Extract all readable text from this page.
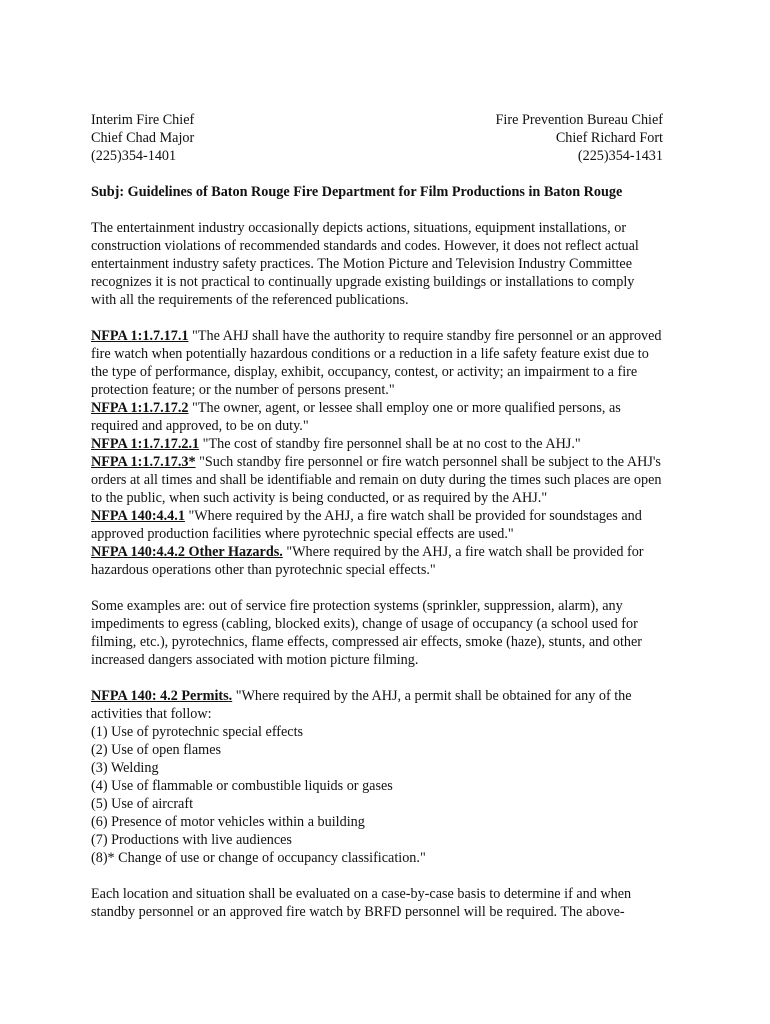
Interim Fire Chief
Chief Chad Major
(225)354-1401
Fire Prevention Bureau Chief
Chief Richard Fort
(225)354-1431
Subj: Guidelines of Baton Rouge Fire Department for Film Productions in Baton Rouge

The entertainment industry occasionally depicts actions, situations, equipment installations, or construction violations of recommended standards and codes. However, it does not reflect actual entertainment industry safety practices. The Motion Picture and Television Industry Committee recognizes it is not practical to continually upgrade existing buildings or installations to comply with all the requirements of the referenced publications.

NFPA 1:1.7.17.1 "The AHJ shall have the authority to require standby fire personnel or an approved fire watch when potentially hazardous conditions or a reduction in a life safety feature exist due to the type of performance, display, exhibit, occupancy, contest, or activity; an impairment to a fire protection feature; or the number of persons present."
NFPA 1:1.7.17.2 "The owner, agent, or lessee shall employ one or more qualified persons, as required and approved, to be on duty."
NFPA 1:1.7.17.2.1 "The cost of standby fire personnel shall be at no cost to the AHJ."
NFPA 1:1.7.17.3* "Such standby fire personnel or fire watch personnel shall be subject to the AHJ's orders at all times and shall be identifiable and remain on duty during the times such places are open to the public, when such activity is being conducted, or as required by the AHJ."
NFPA 140:4.4.1 "Where required by the AHJ, a fire watch shall be provided for soundstages and approved production facilities where pyrotechnic special effects are used."
NFPA 140:4.4.2 Other Hazards. "Where required by the AHJ, a fire watch shall be provided for hazardous operations other than pyrotechnic special effects."

Some examples are: out of service fire protection systems (sprinkler, suppression, alarm), any impediments to egress (cabling, blocked exits), change of usage of occupancy (a school used for filming, etc.), pyrotechnics, flame effects, compressed air effects, smoke (haze), stunts, and other increased dangers associated with motion picture filming.

NFPA 140: 4.2 Permits. "Where required by the AHJ, a permit shall be obtained for any of the activities that follow:
(1) Use of pyrotechnic special effects
(2) Use of open flames
(3) Welding
(4) Use of flammable or combustible liquids or gases
(5) Use of aircraft
(6) Presence of motor vehicles within a building
(7) Productions with live audiences
(8)* Change of use or change of occupancy classification."

Each location and situation shall be evaluated on a case-by-case basis to determine if and when standby personnel or an approved fire watch by BRFD personnel will be required. The above-
